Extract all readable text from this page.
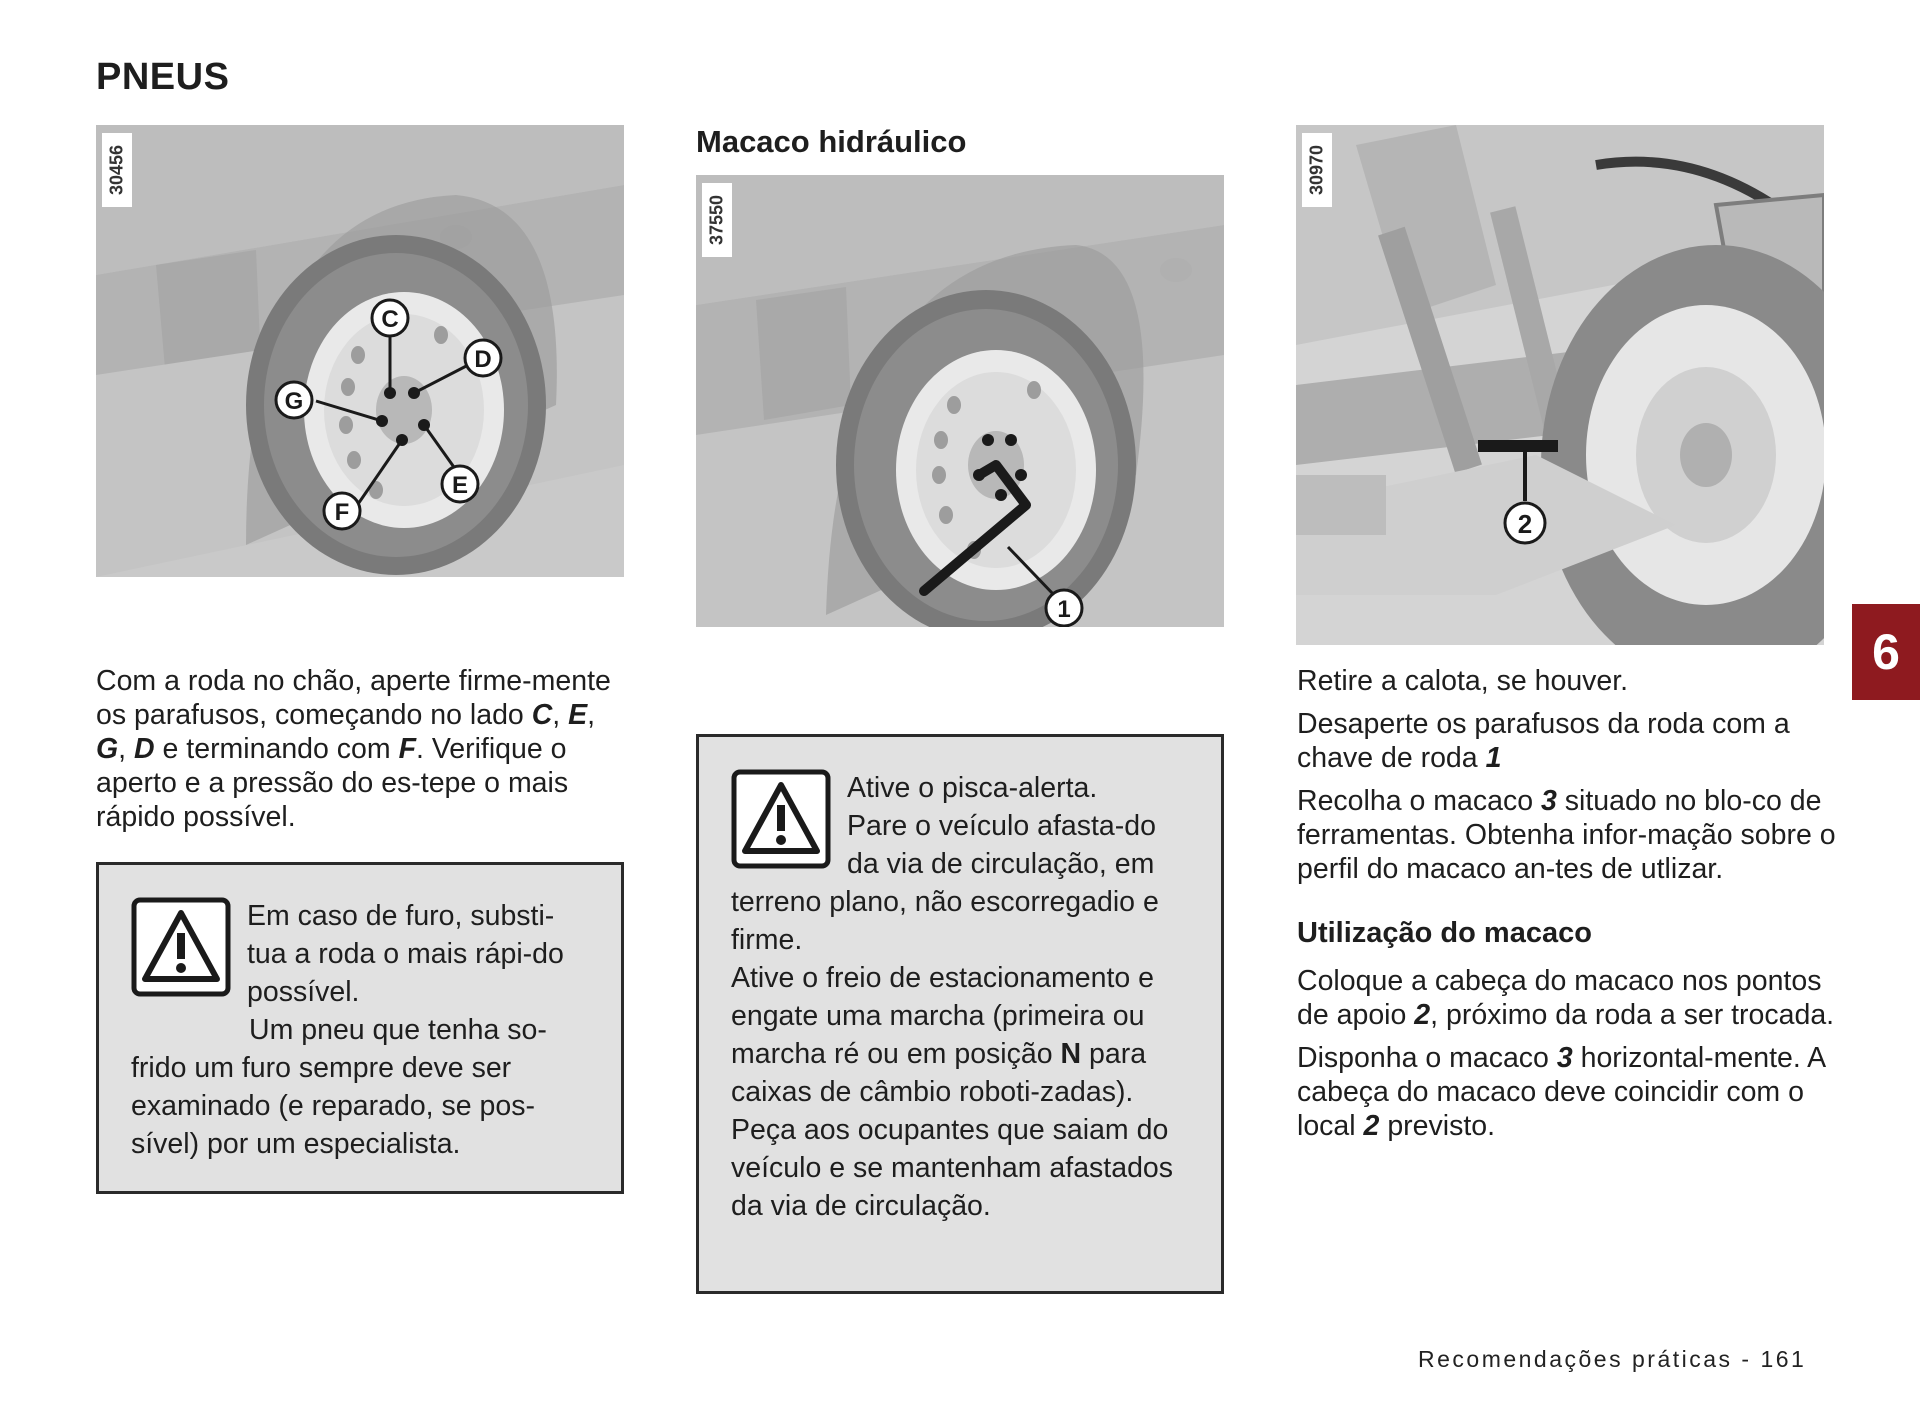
PNEUS
C
D
G
E
F
30456

Com a roda no chão, aperte firme-mente os parafusos, começando no lado C, E, G, D e terminando com F. Verifique o aperto e a pressão do es-tepe o mais rápido possível.

Em caso de furo, substi-tua a roda o mais rápi-do possível.

Um pneu que tenha so-frido um furo sempre deve ser examinado (e reparado, se pos-sível) por um especialista.

Macaco hidráulico
1
37550

Ative o pisca-alerta.

Pare o veículo afasta-do da via de circulação, em terreno plano, não escorregadio e firme.

Ative o freio de estacionamento e engate uma marcha (primeira ou marcha ré ou em posição N para caixas de câmbio roboti-zadas).

Peça aos ocupantes que saiam do veículo e se mantenham afastados da via de circulação.

2
30970

Retire a calota, se houver.

Desaperte os parafusos da roda com a chave de roda 1

Recolha o macaco 3 situado no blo-co de ferramentas. Obtenha infor-mação sobre o perfil do macaco an-tes de utlizar.

Utilização do macaco

Coloque a cabeça do macaco nos pontos de apoio 2, próximo da roda a ser trocada.

Disponha o macaco 3 horizontal-mente. A cabeça do macaco deve coincidir com o local 2 previsto.

6
Recomendações práticas - 161
